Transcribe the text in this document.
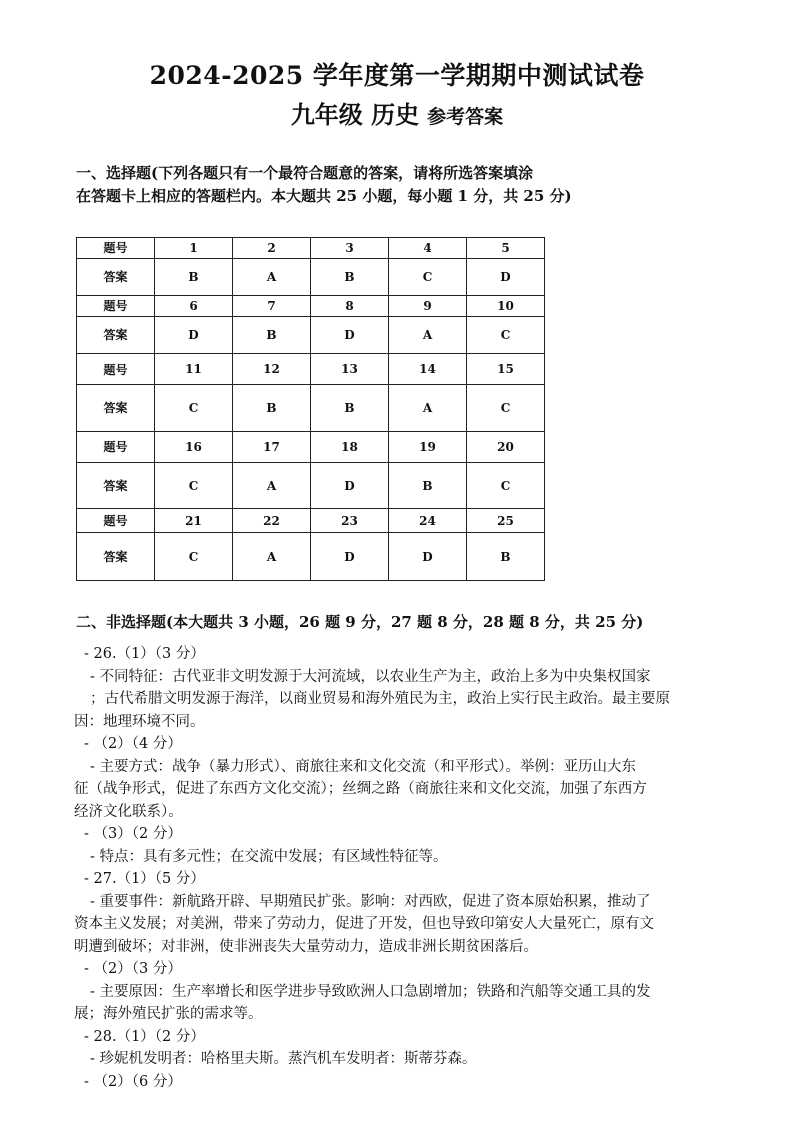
2024-2025 学年度第一学期期中测试试卷
九年级 历史 参考答案
一、选择题(下列各题只有一个最符合题意的答案，请将所选答案填涂
在答题卡上相应的答题栏内。本大题共 25 小题，每小题 1 分，共 25 分)
题号	1	2	3	4	5
答案	B	A	B	C	D
题号	6	7	8	9	10
答案	D	B	D	A	C
题号	11	12	13	14	15
答案	C	B	B	A	C
题号	16	17	18	19	20
答案	C	A	D	B	C
题号	21	22	23	24	25
答案	C	A	D	D	B
二、非选择题(本大题共 3 小题，26 题 9 分，27 题 8 分，28 题 8 分，共 25 分)
- 26.（1）（3 分）
- 不同特征：古代亚非文明发源于大河流域，以农业生产为主，政治上多为中央集权国家
；古代希腊文明发源于海洋，以商业贸易和海外殖民为主，政治上实行民主政治。最主要原
因：地理环境不同。
- （2）（4 分）
- 主要方式：战争（暴力形式）、商旅往来和文化交流（和平形式）。举例：亚历山大东
征（战争形式，促进了东西方文化交流）；丝绸之路（商旅往来和文化交流，加强了东西方
经济文化联系）。
- （3）（2 分）
- 特点：具有多元性；在交流中发展；有区域性特征等。
- 27.（1）（5 分）
- 重要事件：新航路开辟、早期殖民扩张。影响：对西欧，促进了资本原始积累，推动了
资本主义发展；对美洲，带来了劳动力，促进了开发，但也导致印第安人大量死亡，原有文
明遭到破坏；对非洲，使非洲丧失大量劳动力，造成非洲长期贫困落后。
- （2）（3 分）
- 主要原因：生产率增长和医学进步导致欧洲人口急剧增加；铁路和汽船等交通工具的发
展；海外殖民扩张的需求等。
- 28.（1）（2 分）
- 珍妮机发明者：哈格里夫斯。蒸汽机车发明者：斯蒂芬森。
- （2）（6 分）
